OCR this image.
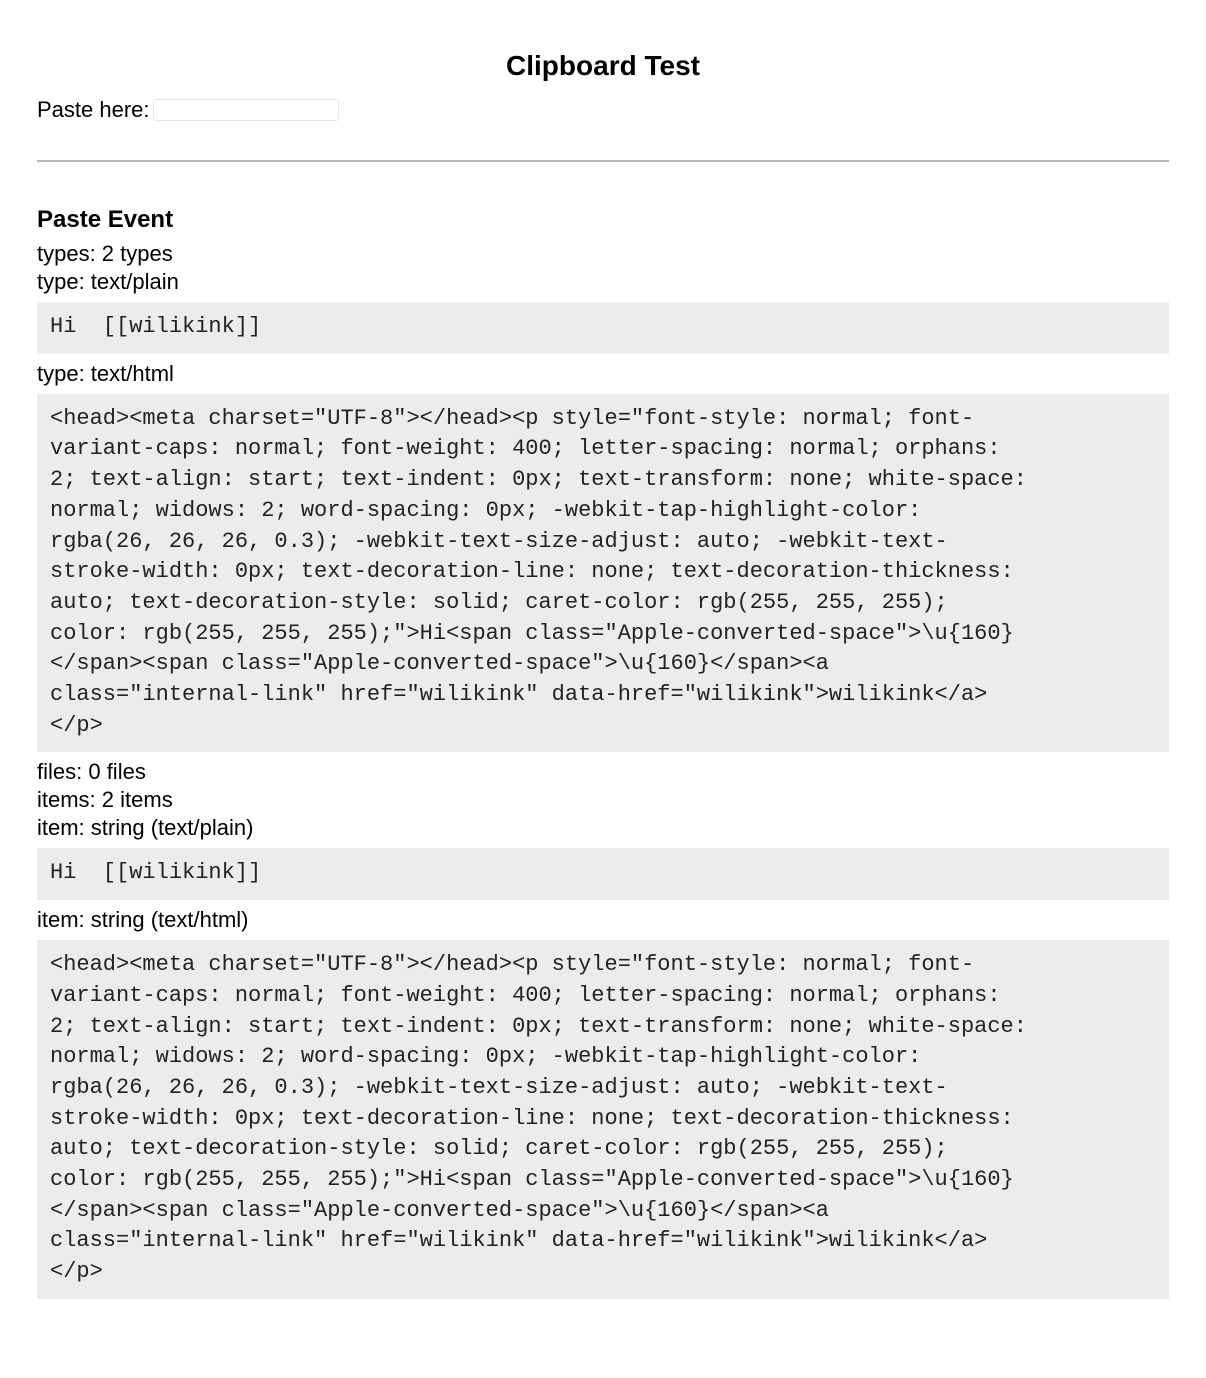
Clipboard Test
Paste here:
Paste Event
types: 2 types
type: text/plain
Hi  [[wilikink]]
type: text/html
<head><meta charset="UTF-8"></head><p style="font-style: normal; font-
variant-caps: normal; font-weight: 400; letter-spacing: normal; orphans:
2; text-align: start; text-indent: 0px; text-transform: none; white-space:
normal; widows: 2; word-spacing: 0px; -webkit-tap-highlight-color:
rgba(26, 26, 26, 0.3); -webkit-text-size-adjust: auto; -webkit-text-
stroke-width: 0px; text-decoration-line: none; text-decoration-thickness:
auto; text-decoration-style: solid; caret-color: rgb(255, 255, 255);
color: rgb(255, 255, 255);">Hi<span class="Apple-converted-space">\u{160}
</span><span class="Apple-converted-space">\u{160}</span><a
class="internal-link" href="wilikink" data-href="wilikink">wilikink</a>
</p>
files: 0 files
items: 2 items
item: string (text/plain)
Hi  [[wilikink]]
item: string (text/html)
<head><meta charset="UTF-8"></head><p style="font-style: normal; font-
variant-caps: normal; font-weight: 400; letter-spacing: normal; orphans:
2; text-align: start; text-indent: 0px; text-transform: none; white-space:
normal; widows: 2; word-spacing: 0px; -webkit-tap-highlight-color:
rgba(26, 26, 26, 0.3); -webkit-text-size-adjust: auto; -webkit-text-
stroke-width: 0px; text-decoration-line: none; text-decoration-thickness:
auto; text-decoration-style: solid; caret-color: rgb(255, 255, 255);
color: rgb(255, 255, 255);">Hi<span class="Apple-converted-space">\u{160}
</span><span class="Apple-converted-space">\u{160}</span><a
class="internal-link" href="wilikink" data-href="wilikink">wilikink</a>
</p>
